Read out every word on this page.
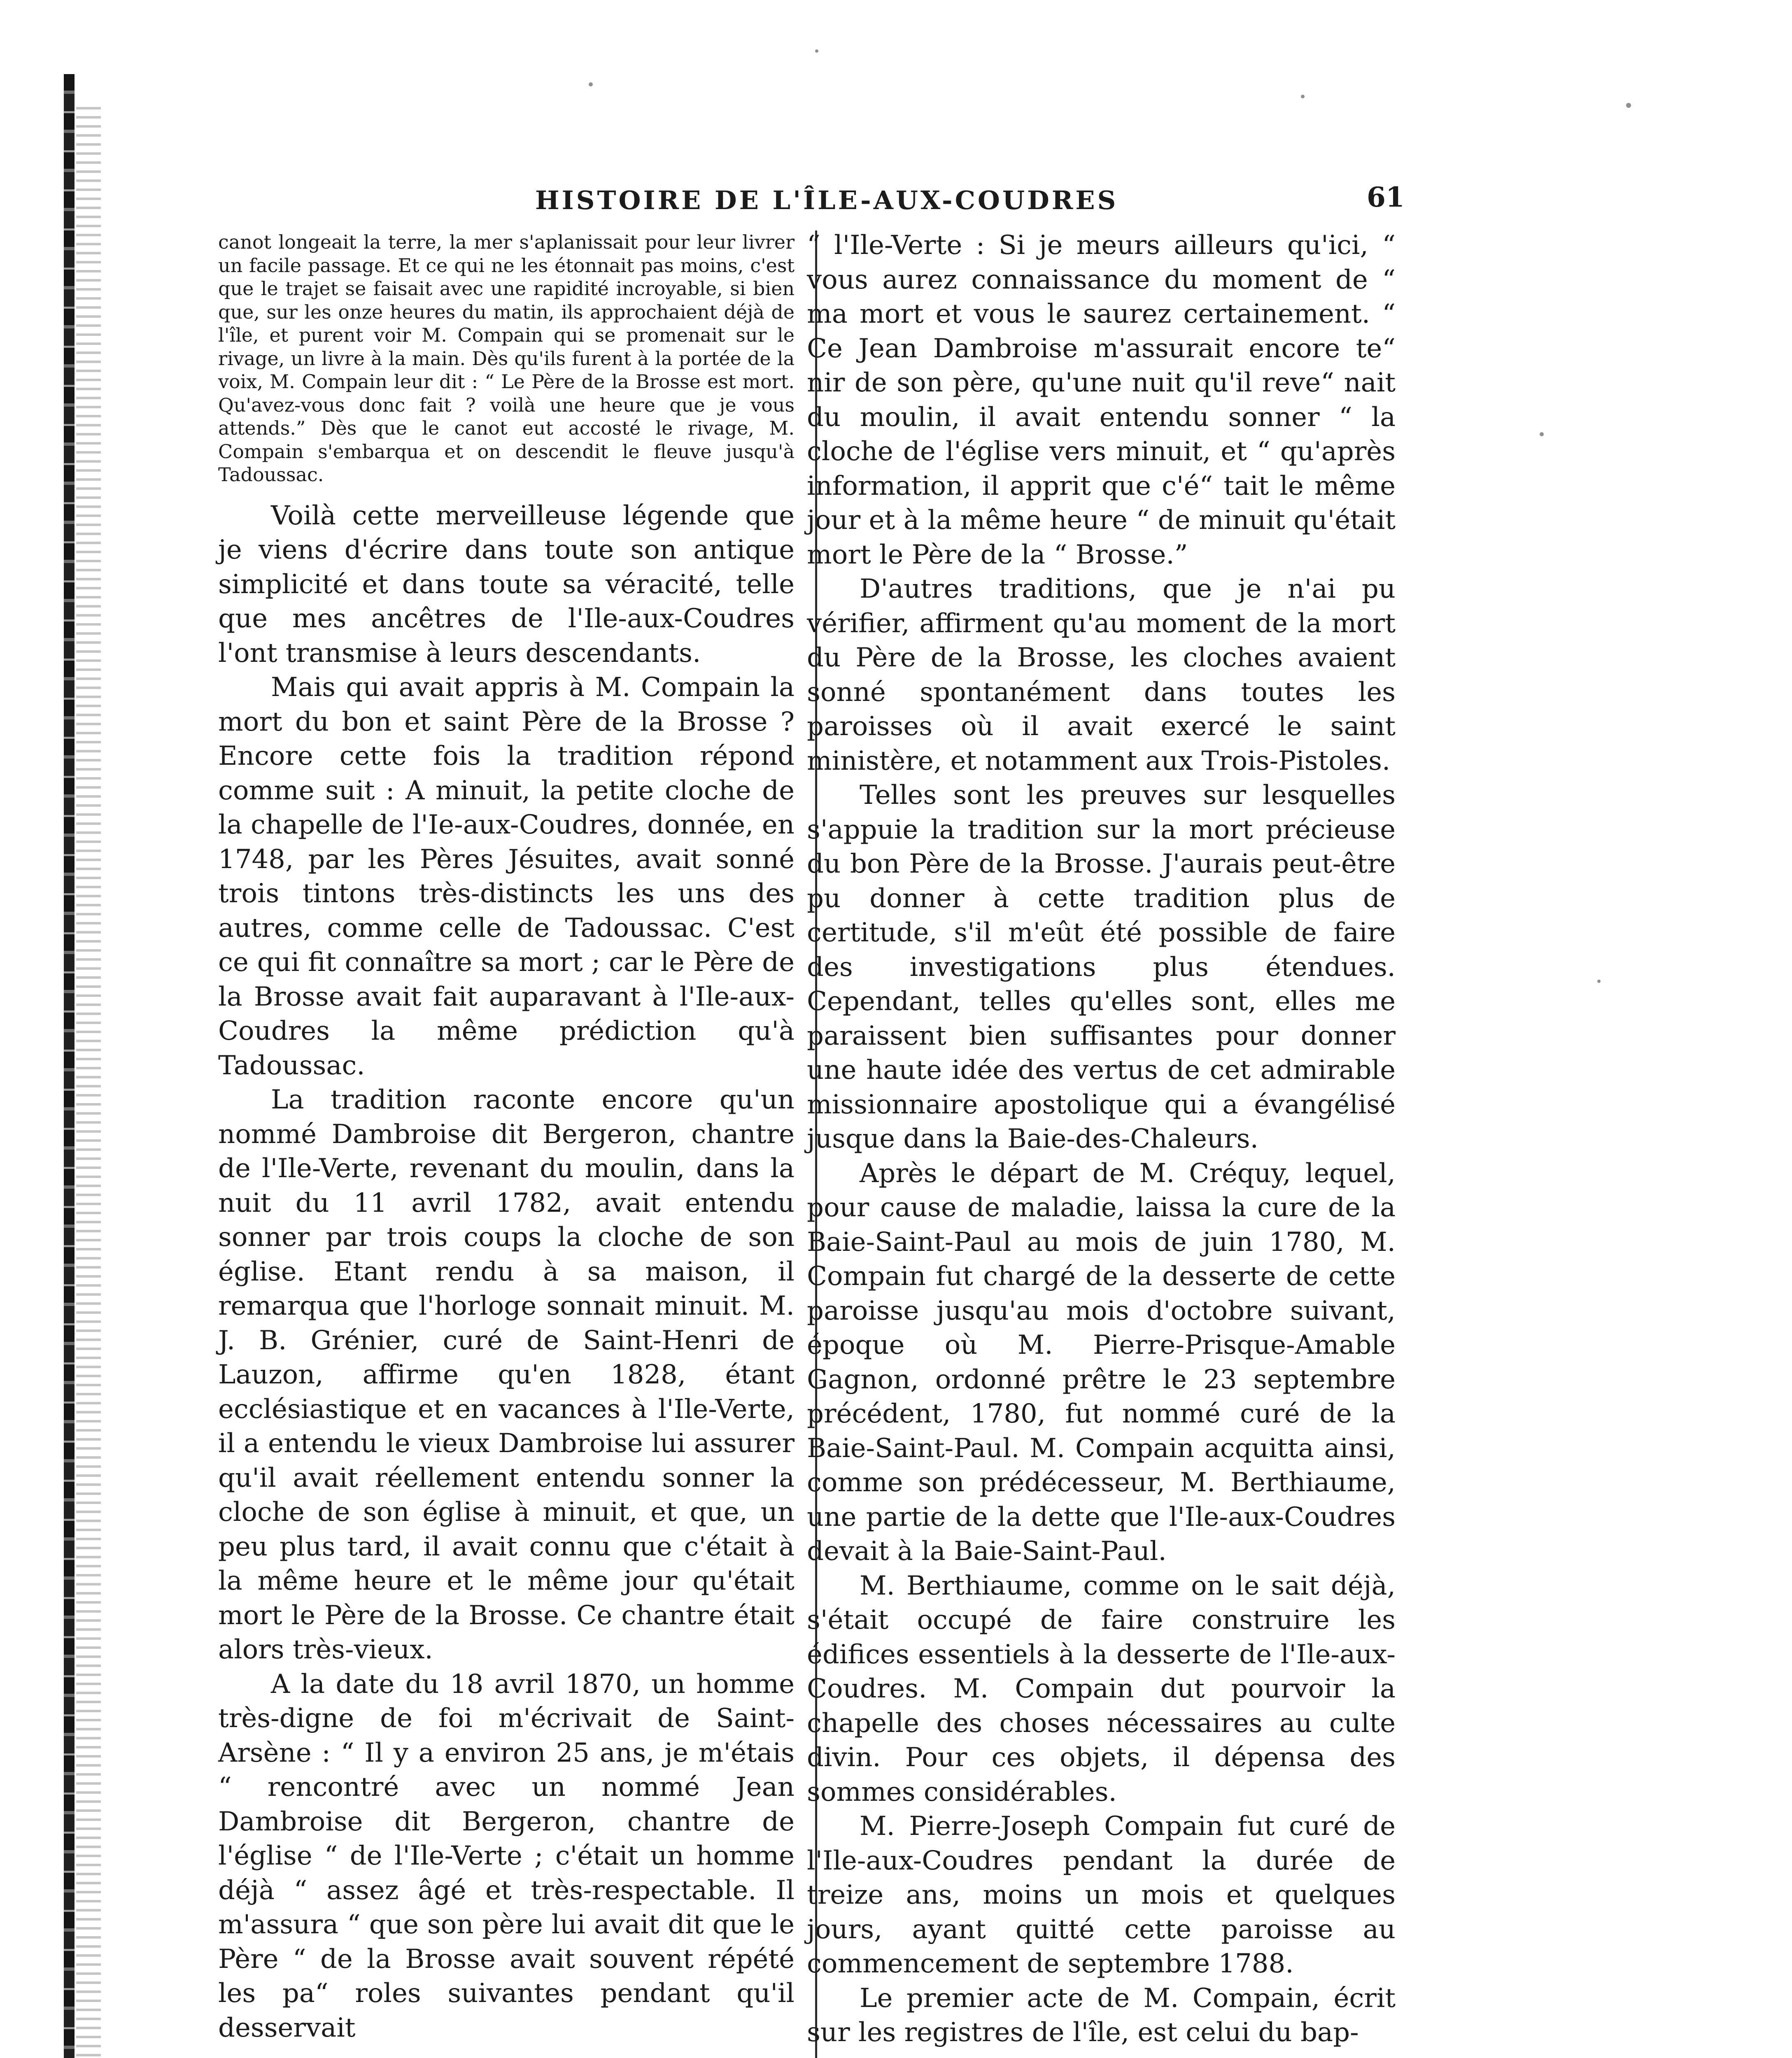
HISTOIRE DE L'ÎLE-AUX-COUDRES	61

canot longeait la terre, la mer s'aplanissait pour leur livrer un facile passage. Et ce qui ne les étonnait pas moins, c'est que le trajet se faisait avec une rapidité incroyable, si bien que, sur les onze heures du matin, ils approchaient déjà de l'île, et purent voir M. Compain qui se promenait sur le rivage, un livre à la main. Dès qu'ils furent à la portée de la voix, M. Compain leur dit : “ Le Père de la Brosse est mort. Qu'avez-vous donc fait ? voilà une heure que je vous attends.” Dès que le canot eut accosté le rivage, M. Compain s'embarqua et on descendit le fleuve jusqu'à Tadoussac.

Voilà cette merveilleuse légende que je viens d'écrire dans toute son antique simplicité et dans toute sa véracité, telle que mes ancêtres de l'Ile-aux-Coudres l'ont transmise à leurs descendants.

Mais qui avait appris à M. Compain la mort du bon et saint Père de la Brosse ? Encore cette fois la tradition répond comme suit : A minuit, la petite cloche de la chapelle de l'Ie-aux-Coudres, donnée, en 1748, par les Pères Jésuites, avait sonné trois tintons très-distincts les uns des autres, comme celle de Tadoussac. C'est ce qui fit connaître sa mort ; car le Père de la Brosse avait fait auparavant à l'Ile-aux-Coudres la même prédiction qu'à Tadoussac.

La tradition raconte encore qu'un nommé Dambroise dit Bergeron, chantre de l'Ile-Verte, revenant du moulin, dans la nuit du 11 avril 1782, avait entendu sonner par trois coups la cloche de son église. Etant rendu à sa maison, il remarqua que l'horloge sonnait minuit. M. J. B. Grénier, curé de Saint-Henri de Lauzon, affirme qu'en 1828, étant ecclésiastique et en vacances à l'Ile-Verte, il a entendu le vieux Dambroise lui assurer qu'il avait réellement entendu sonner la cloche de son église à minuit, et que, un peu plus tard, il avait connu que c'était à la même heure et le même jour qu'était mort le Père de la Brosse. Ce chantre était alors très-vieux.

A la date du 18 avril 1870, un homme très-digne de foi m'écrivait de Saint-Arsène : “ Il y a environ 25 ans, je m'étais “ rencontré avec un nommé Jean Dambroise dit Bergeron, chantre de l'église “ de l'Ile-Verte ; c'était un homme déjà “ assez âgé et très-respectable. Il m'assura “ que son père lui avait dit que le Père “ de la Brosse avait souvent répété les pa“ roles suivantes pendant qu'il desservait

“ l'Ile-Verte : Si je meurs ailleurs qu'ici, “ vous aurez connaissance du moment de “ ma mort et vous le saurez certainement. “ Ce Jean Dambroise m'assurait encore te“ nir de son père, qu'une nuit qu'il reve“ nait du moulin, il avait entendu sonner “ la cloche de l'église vers minuit, et “ qu'après information, il apprit que c'é“ tait le même jour et à la même heure “ de minuit qu'était mort le Père de la “ Brosse.”

D'autres traditions, que je n'ai pu vérifier, affirment qu'au moment de la mort du Père de la Brosse, les cloches avaient sonné spontanément dans toutes les paroisses où il avait exercé le saint ministère, et notamment aux Trois-Pistoles.

Telles sont les preuves sur lesquelles s'appuie la tradition sur la mort précieuse du bon Père de la Brosse. J'aurais peut-être pu donner à cette tradition plus de certitude, s'il m'eût été possible de faire des investigations plus étendues. Cependant, telles qu'elles sont, elles me paraissent bien suffisantes pour donner une haute idée des vertus de cet admirable missionnaire apostolique qui a évangélisé jusque dans la Baie-des-Chaleurs.

Après le départ de M. Créquy, lequel, pour cause de maladie, laissa la cure de la Baie-Saint-Paul au mois de juin 1780, M. Compain fut chargé de la desserte de cette paroisse jusqu'au mois d'octobre suivant, époque où M. Pierre-Prisque-Amable Gagnon, ordonné prêtre le 23 septembre précédent, 1780, fut nommé curé de la Baie-Saint-Paul. M. Compain acquitta ainsi, comme son prédécesseur, M. Berthiaume, une partie de la dette que l'Ile-aux-Coudres devait à la Baie-Saint-Paul.

M. Berthiaume, comme on le sait déjà, s'était occupé de faire construire les édifices essentiels à la desserte de l'Ile-aux-Coudres. M. Compain dut pourvoir la chapelle des choses nécessaires au culte divin. Pour ces objets, il dépensa des sommes considérables.

M. Pierre-Joseph Compain fut curé de l'Ile-aux-Coudres pendant la durée de treize ans, moins un mois et quelques jours, ayant quitté cette paroisse au commencement de septembre 1788.

Le premier acte de M. Compain, écrit sur les registres de l'île, est celui du bap-
